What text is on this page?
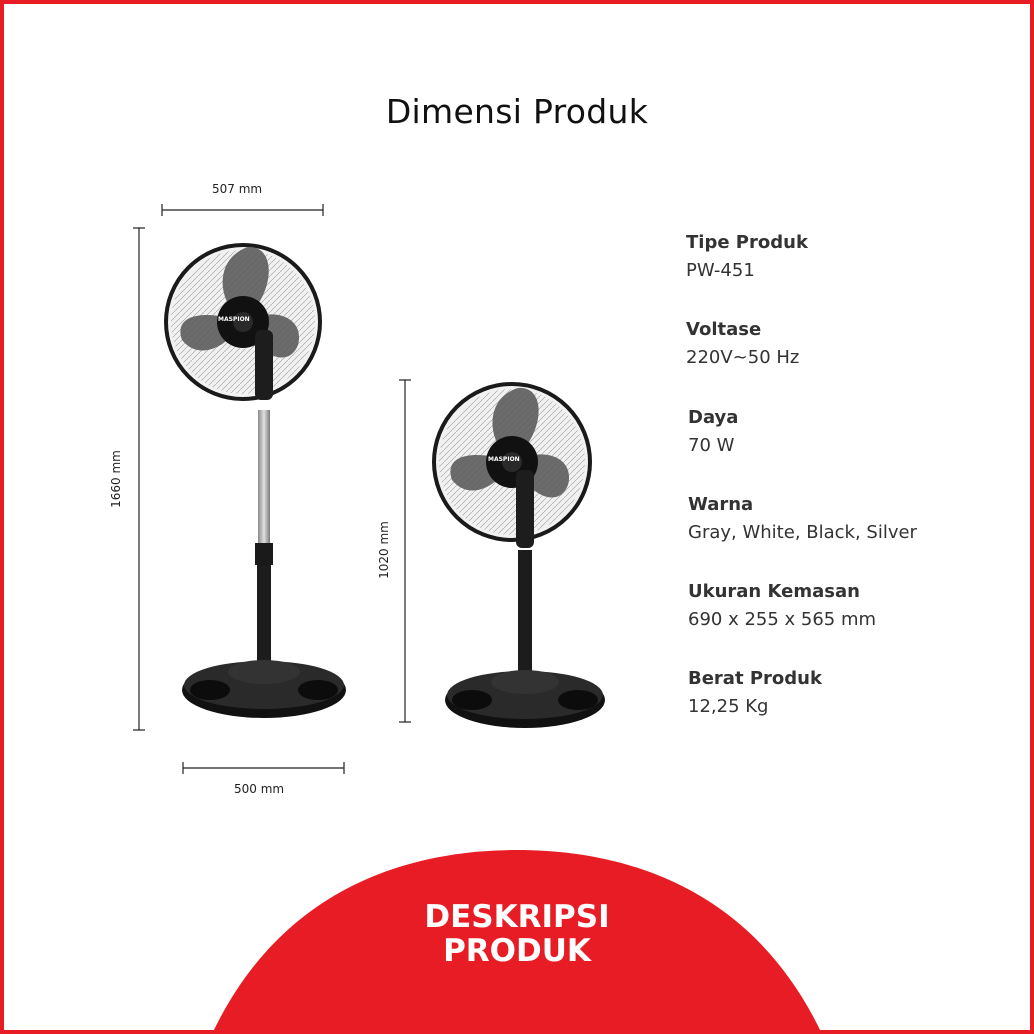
Dimensi Produk
MASPION
MASPION
507 mm
500 mm
1660 mm
1020 mm

Tipe Produk

PW-451

Voltase

220V~50 Hz

Daya

70 W

Warna

Gray, White, Black, Silver

Ukuran Kemasan

690 x 255 x 565 mm

Berat Produk

12,25 Kg

DESKRIPSI
PRODUK
